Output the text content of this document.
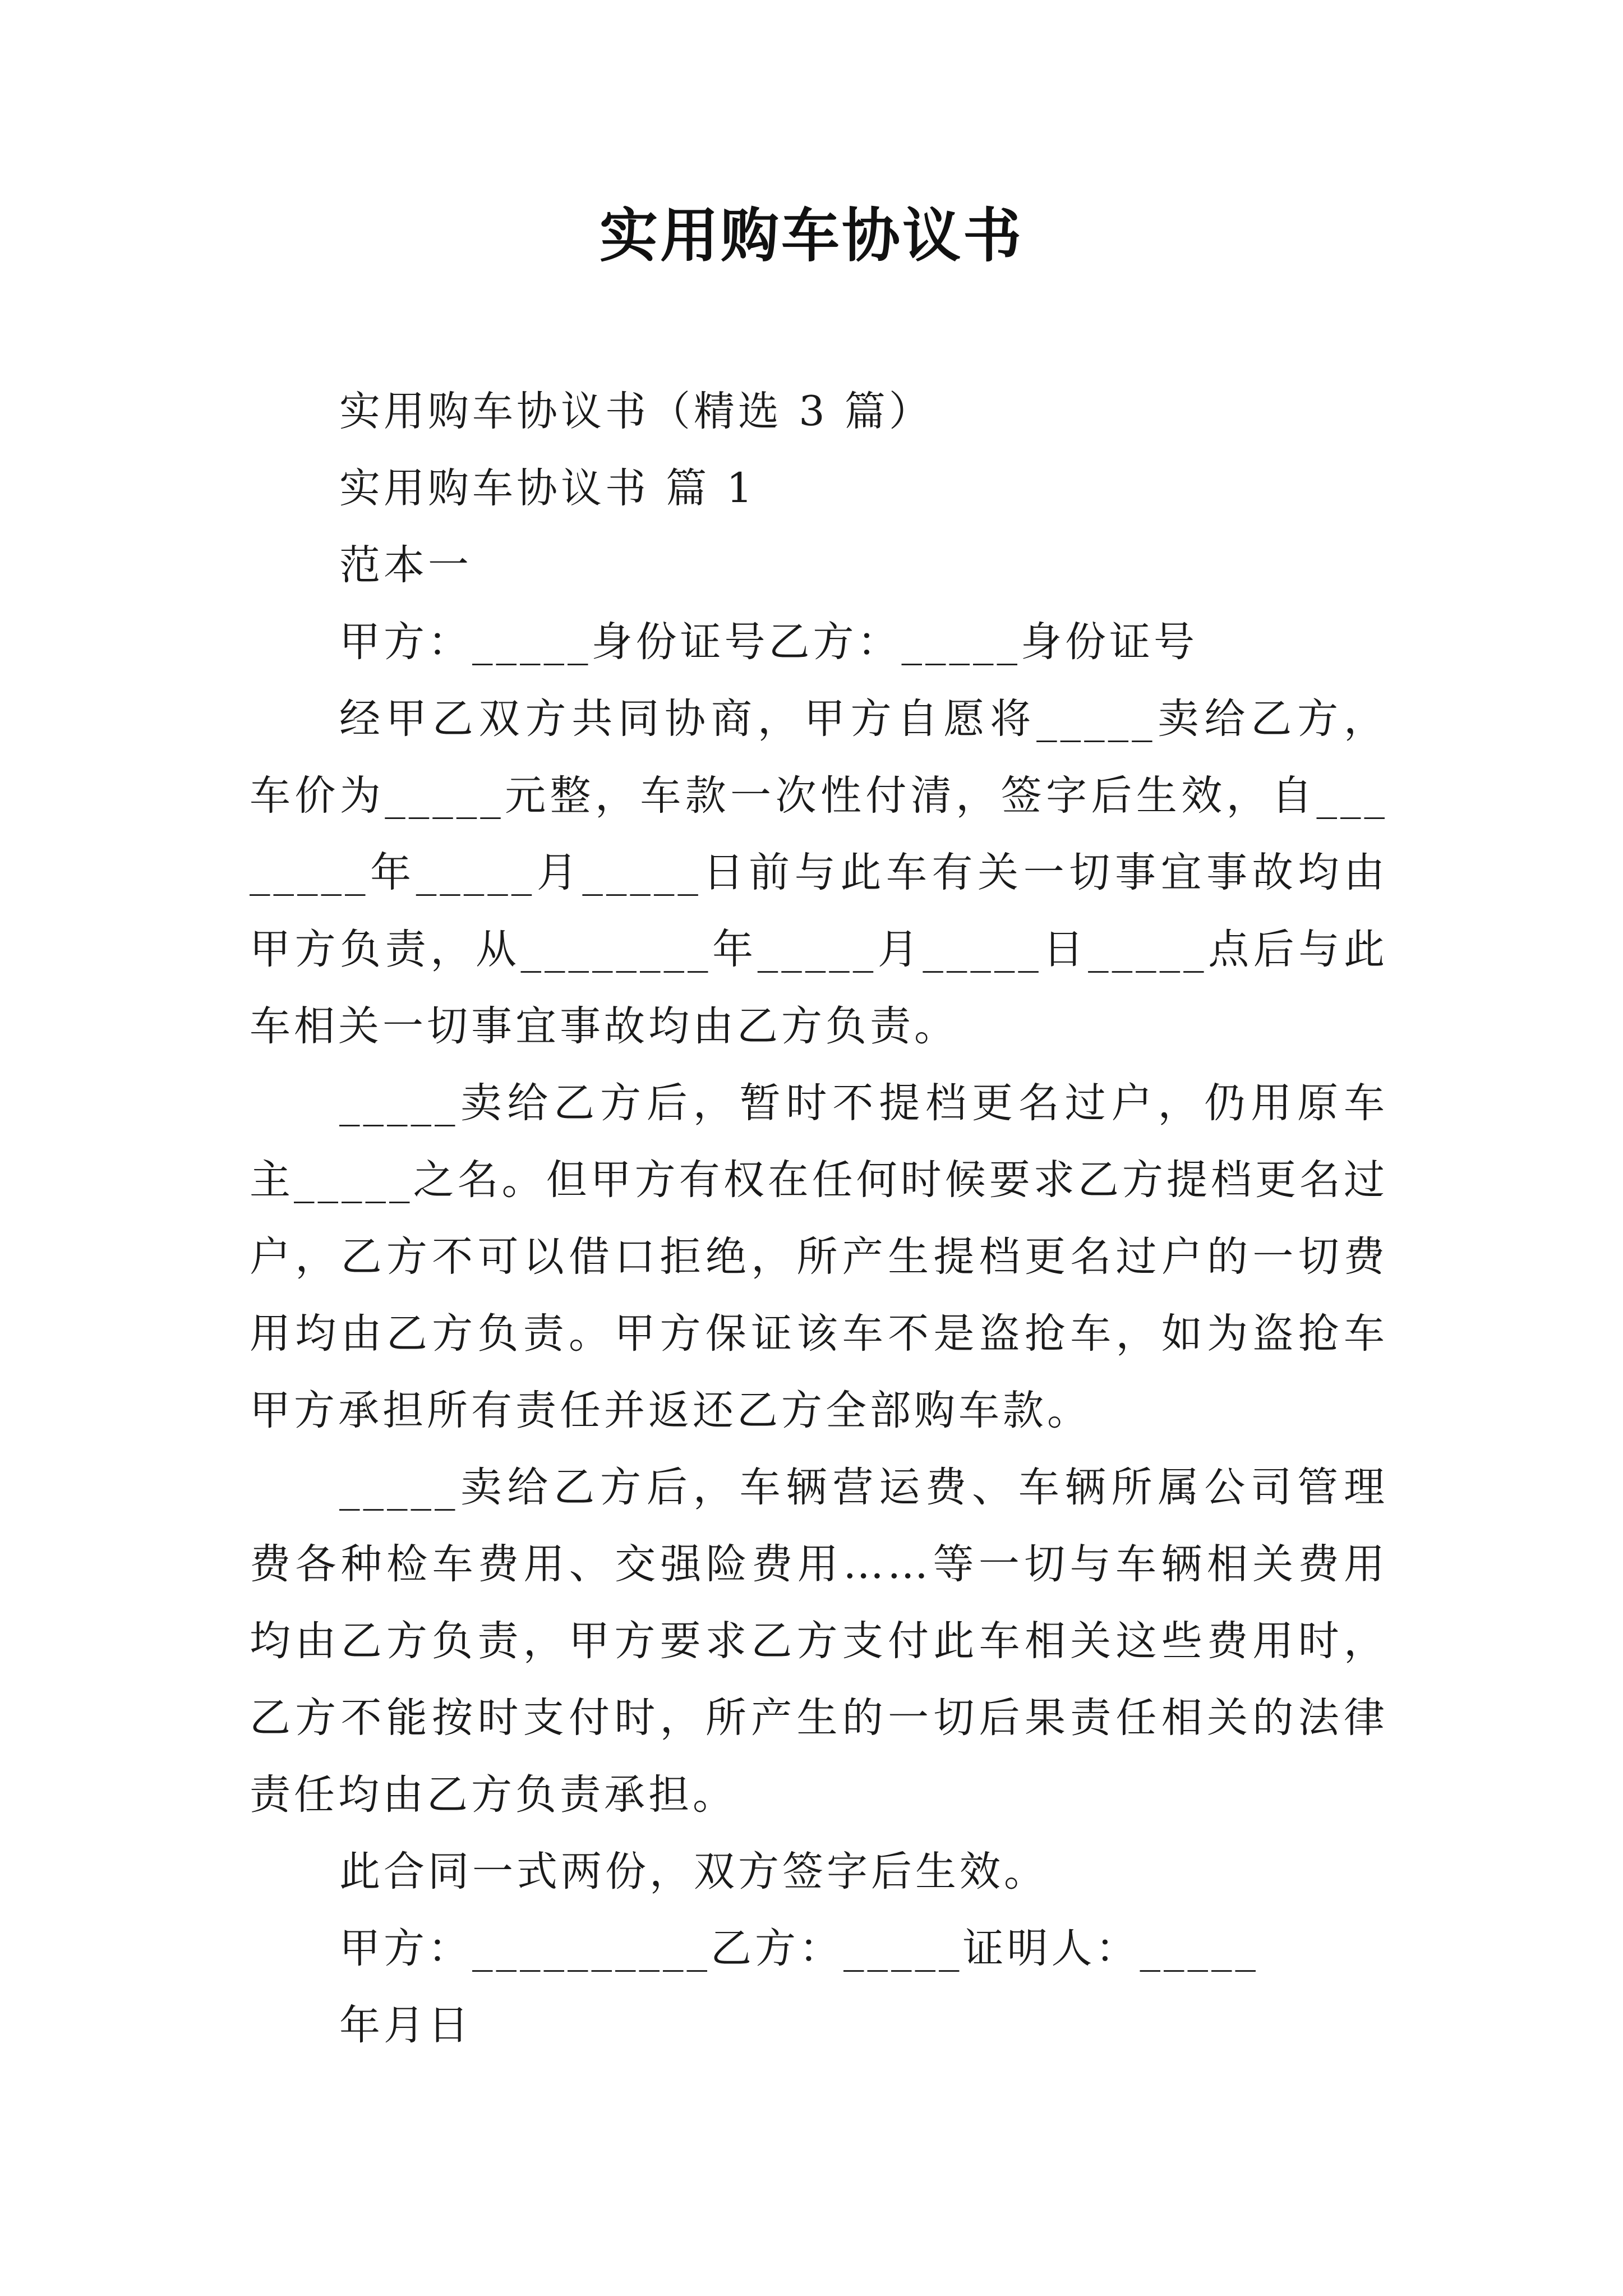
实用购车协议书

实用购车协议书（精选 3 篇）

实用购车协议书 篇 1

范本一

甲方：_____身份证号乙方：_____身份证号

经甲乙双方共同协商，甲方自愿将_____卖给乙方，车价为_____元整，车款一次性付清，签字后生效，自________年_____月_____日前与此车有关一切事宜事故均由甲方负责，从________年_____月_____日_____点后与此车相关一切事宜事故均由乙方负责。

_____卖给乙方后，暂时不提档更名过户，仍用原车主_____之名。但甲方有权在任何时候要求乙方提档更名过户，乙方不可以借口拒绝，所产生提档更名过户的一切费用均由乙方负责。甲方保证该车不是盗抢车，如为盗抢车甲方承担所有责任并返还乙方全部购车款。

_____卖给乙方后，车辆营运费、车辆所属公司管理费各种检车费用、交强险费用……等一切与车辆相关费用均由乙方负责，甲方要求乙方支付此车相关这些费用时，乙方不能按时支付时，所产生的一切后果责任相关的法律责任均由乙方负责承担。

此合同一式两份，双方签字后生效。

甲方：__________乙方：_____证明人：_____

年月日
